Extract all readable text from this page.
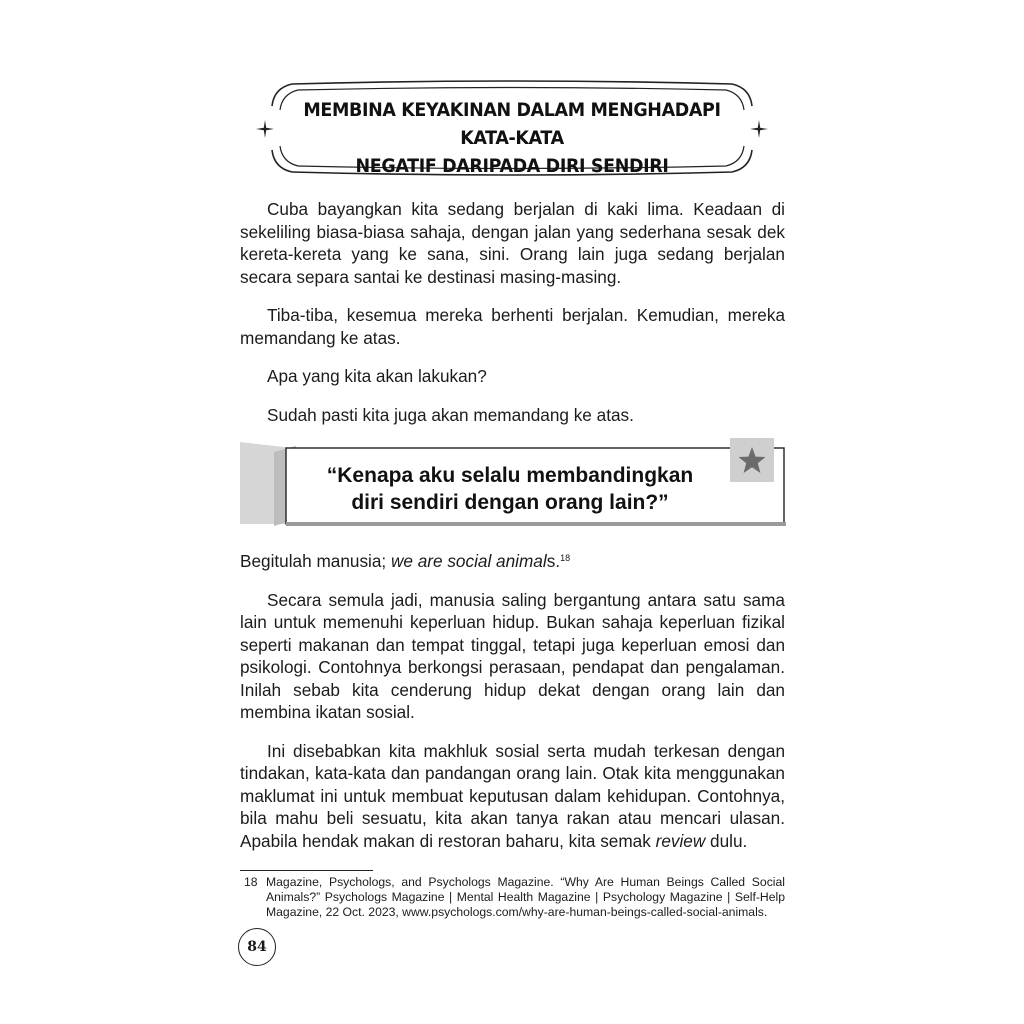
MEMBINA KEYAKINAN DALAM MENGHADAPI KATA-KATA
NEGATIF DARIPADA DIRI SENDIRI

Cuba bayangkan kita sedang berjalan di kaki lima. Keadaan di sekeliling biasa-biasa sahaja, dengan jalan yang sederhana sesak dek kereta-kereta yang ke sana, sini. Orang lain juga sedang berjalan secara separa santai ke destinasi masing-masing.

Tiba-tiba, kesemua mereka berhenti berjalan. Kemudian, mereka memandang ke atas.

Apa yang kita akan lakukan?

Sudah pasti kita juga akan memandang ke atas.

“Kenapa aku selalu membandingkan
diri sendiri dengan orang lain?”

Begitulah manusia; we are social animals.$^{18}$

Secara semula jadi, manusia saling bergantung antara satu sama lain untuk memenuhi keperluan hidup. Bukan sahaja keperluan fizikal seperti makanan dan tempat tinggal, tetapi juga keperluan emosi dan psikologi. Contohnya berkongsi perasaan, pendapat dan pengalaman. Inilah sebab kita cenderung hidup dekat dengan orang lain dan membina ikatan sosial.

Ini disebabkan kita makhluk sosial serta mudah terkesan dengan tindakan, kata-kata dan pandangan orang lain. Otak kita menggunakan maklumat ini untuk membuat keputusan dalam kehidupan. Contohnya, bila mahu beli sesuatu, kita akan tanya rakan atau mencari ulasan. Apabila hendak makan di restoran baharu, kita semak review dulu.

18 Magazine, Psychologs, and Psychologs Magazine. “Why Are Human Beings Called Social Animals?” Psychologs Magazine | Mental Health Magazine | Psychology Magazine | Self-Help Magazine, 22 Oct. 2023, www.psychologs.com/why-are-human-beings-called-social-animals.
84
